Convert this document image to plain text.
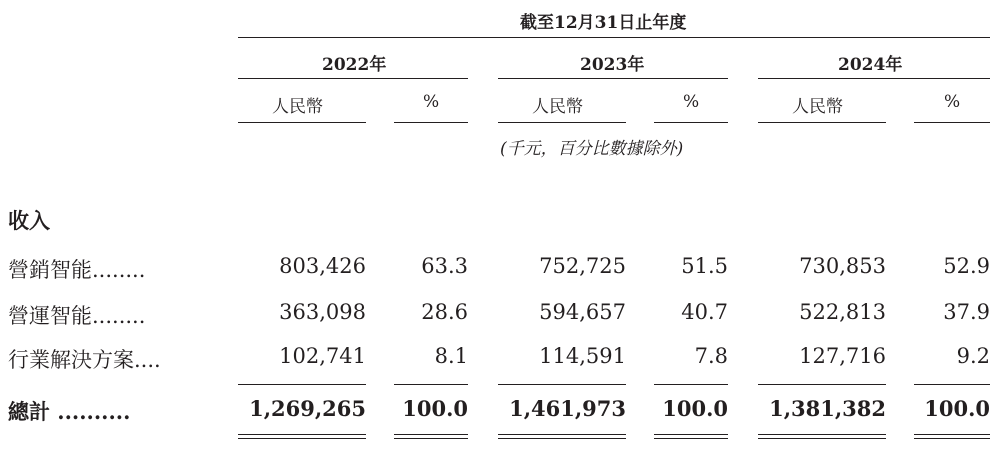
截至12月31日止年度
2022年	2023年	2024年
人民幣	%	人民幣	%	人民幣	%
(千元，百分比數據除外)
收入
營銷智能........	803,426	63.3	752,725	51.5	730,853	52.9
營運智能........	363,098	28.6	594,657	40.7	522,813	37.9
行業解決方案....	102,741	8.1	114,591	7.8	127,716	9.2
總計 ..........	1,269,265	100.0	1,461,973	100.0	1,381,382	100.0
